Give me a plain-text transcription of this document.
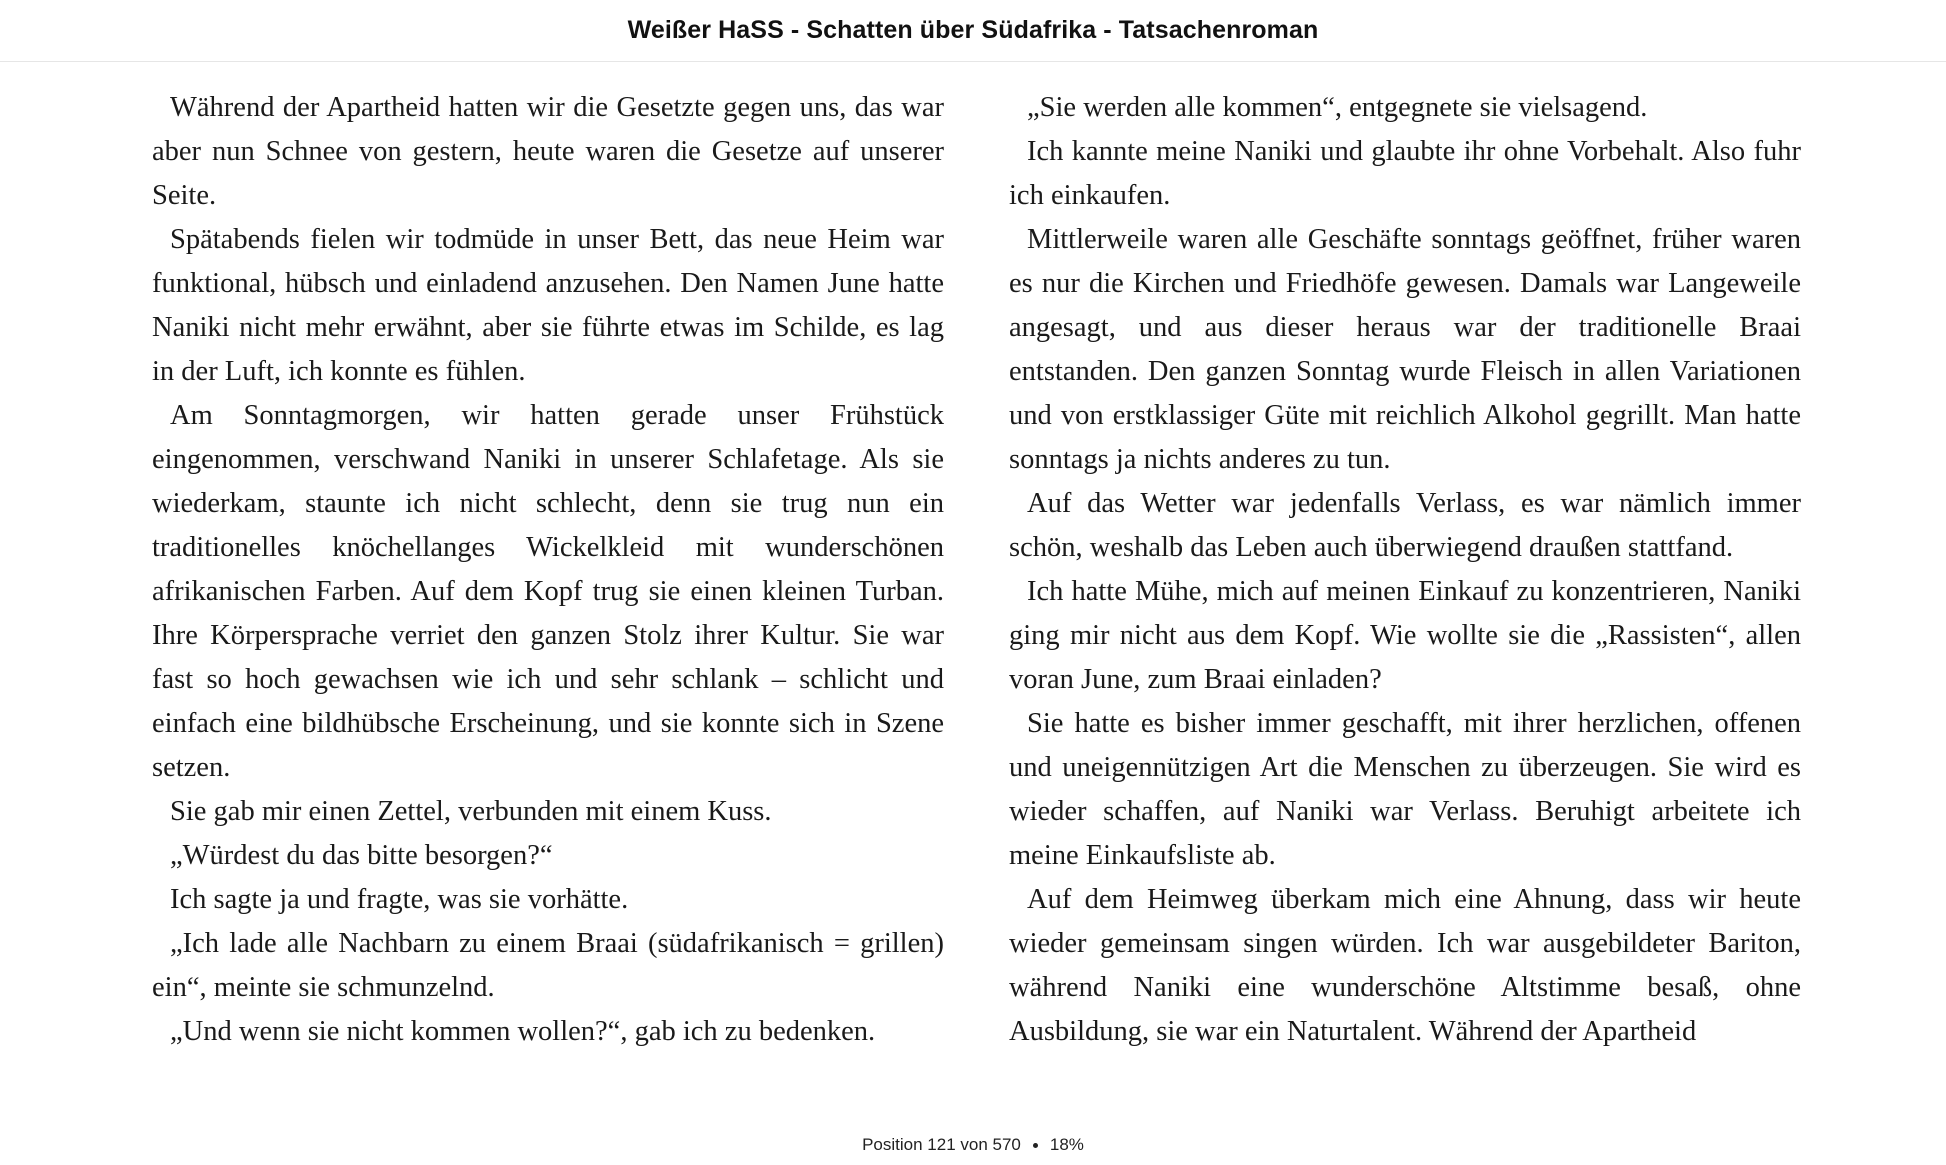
Weißer HaSS - Schatten über Südafrika - Tatsachenroman

Während der Apartheid hatten wir die Gesetzte gegen uns, das war aber nun Schnee von gestern, heute waren die Gesetze auf unserer Seite.

Spätabends fielen wir todmüde in unser Bett, das neue Heim war funktional, hübsch und einladend anzusehen. Den Namen June hatte Naniki nicht mehr erwähnt, aber sie führte etwas im Schilde, es lag in der Luft, ich konnte es fühlen.

Am Sonntagmorgen, wir hatten gerade unser Frühstück eingenommen, verschwand Naniki in unserer Schlafetage. Als sie wiederkam, staunte ich nicht schlecht, denn sie trug nun ein traditionelles knöchellanges Wickelkleid mit wunderschönen afrikanischen Farben. Auf dem Kopf trug sie einen kleinen Turban. Ihre Körpersprache verriet den ganzen Stolz ihrer Kultur. Sie war fast so hoch gewachsen wie ich und sehr schlank – schlicht und einfach eine bildhübsche Erscheinung, und sie konnte sich in Szene setzen.

Sie gab mir einen Zettel, verbunden mit einem Kuss.

„Würdest du das bitte besorgen?“

Ich sagte ja und fragte, was sie vorhätte.

„Ich lade alle Nachbarn zu einem Braai (südafrikanisch = grillen) ein“, meinte sie schmunzelnd.

„Und wenn sie nicht kommen wollen?“, gab ich zu bedenken.

„Sie werden alle kommen“, entgegnete sie vielsagend.

Ich kannte meine Naniki und glaubte ihr ohne Vorbehalt. Also fuhr ich einkaufen.

Mittlerweile waren alle Geschäfte sonntags geöffnet, früher waren es nur die Kirchen und Friedhöfe gewesen. Damals war Langeweile angesagt, und aus dieser heraus war der traditionelle Braai entstanden. Den ganzen Sonntag wurde Fleisch in allen Variationen und von erstklassiger Güte mit reichlich Alkohol gegrillt. Man hatte sonntags ja nichts anderes zu tun.

Auf das Wetter war jedenfalls Verlass, es war nämlich immer schön, weshalb das Leben auch überwiegend draußen stattfand.

Ich hatte Mühe, mich auf meinen Einkauf zu konzentrieren, Naniki ging mir nicht aus dem Kopf. Wie wollte sie die „Rassisten“, allen voran June, zum Braai einladen?

Sie hatte es bisher immer geschafft, mit ihrer herzlichen, offenen und uneigennützigen Art die Menschen zu überzeugen. Sie wird es wieder schaffen, auf Naniki war Verlass. Beruhigt arbeitete ich meine Einkaufsliste ab.

Auf dem Heimweg überkam mich eine Ahnung, dass wir heute wieder gemeinsam singen würden. Ich war ausgebildeter Bariton, während Naniki eine wunderschöne Altstimme besaß, ohne Ausbildung, sie war ein Naturtalent. Während der Apartheid

Position 121 von 570 18%
